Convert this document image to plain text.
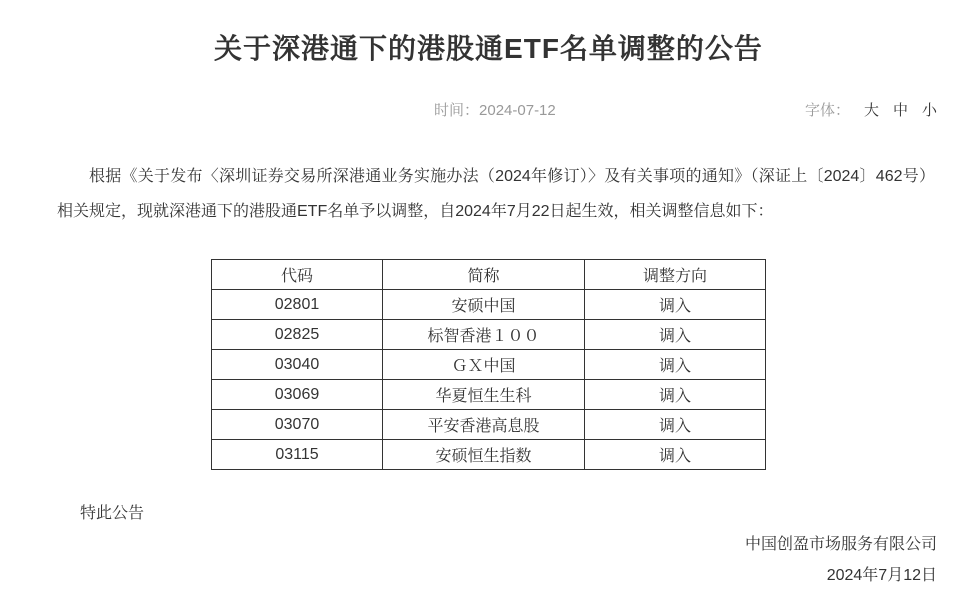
关于深港通下的港股通ETF名单调整的公告
时间：2024-07-12	字体： 大 中 小

根据《关于发布〈深圳证券交易所深港通业务实施办法（2024年修订）〉及有关事项的通知》（深证上〔2024〕462号）相关规定，现就深港通下的港股通ETF名单予以调整，自2024年7月22日起生效，相关调整信息如下：

代码	简称	调整方向
02801	安硕中国	调入
02825	标智香港１００	调入
03040	ＧＸ中国	调入
03069	华夏恒生生科	调入
03070	平安香港高息股	调入
03115	安硕恒生指数	调入
特此公告
中国创盈市场服务有限公司
2024年7月12日
